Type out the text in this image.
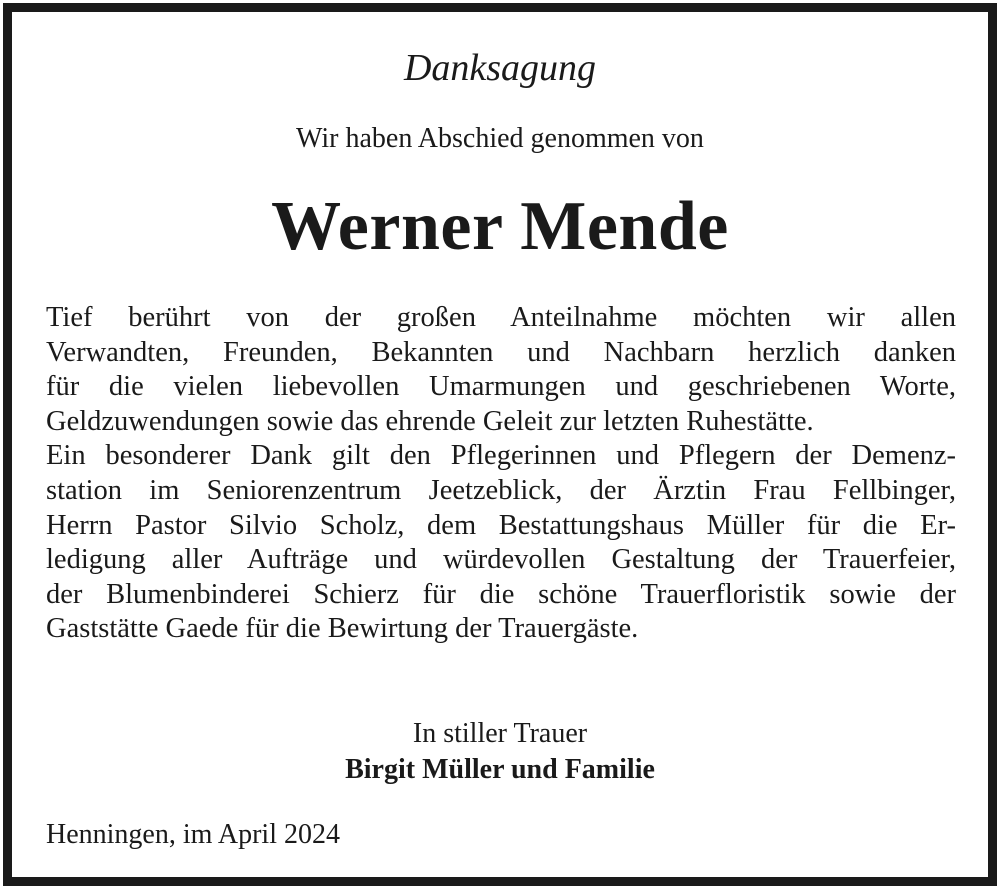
Danksagung
Wir haben Abschied genommen von
Werner Mende
Tief berührt von der großen Anteilnahme möchten wir allen
Verwandten, Freunden, Bekannten und Nachbarn herzlich danken
für die vielen liebevollen Umarmungen und geschriebenen Worte,
Geldzuwendungen sowie das ehrende Geleit zur letzten Ruhestätte.
Ein besonderer Dank gilt den Pflegerinnen und Pflegern der Demenz-
station im Seniorenzentrum Jeetzeblick, der Ärztin Frau Fellbinger,
Herrn Pastor Silvio Scholz, dem Bestattungshaus Müller für die Er-
ledigung aller Aufträge und würdevollen Gestaltung der Trauerfeier,
der Blumenbinderei Schierz für die schöne Trauerfloristik sowie der
Gaststätte Gaede für die Bewirtung der Trauergäste.
In stiller Trauer
Birgit Müller und Familie
Henningen, im April 2024
